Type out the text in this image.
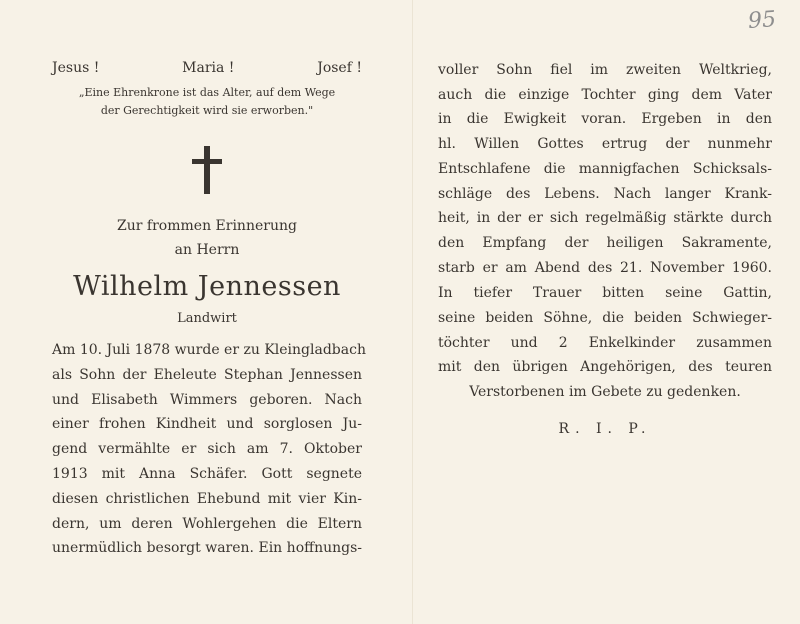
95
Jesus !	Maria !	Josef !
„Eine Ehrenkrone ist das Alter, auf dem Wege
der Gerechtigkeit wird sie erworben."
Zur frommen Erinnerung
an Herrn
Wilhelm Jennessen
Landwirt
Am 10. Juli 1878 wurde er zu Kleingladbach
als Sohn der Eheleute Stephan Jennessen
und Elisabeth Wimmers geboren. Nach
einer frohen Kindheit und sorglosen Ju-
gend vermählte er sich am 7. Oktober
1913 mit Anna Schäfer. Gott segnete
diesen christlichen Ehebund mit vier Kin-
dern, um deren Wohlergehen die Eltern
unermüdlich besorgt waren. Ein hoffnungs-
voller Sohn fiel im zweiten Weltkrieg,
auch die einzige Tochter ging dem Vater
in die Ewigkeit voran. Ergeben in den
hl. Willen Gottes ertrug der nunmehr
Entschlafene die mannigfachen Schicksals-
schläge des Lebens. Nach langer Krank-
heit, in der er sich regelmäßig stärkte durch
den Empfang der heiligen Sakramente,
starb er am Abend des 21. November 1960.
In tiefer Trauer bitten seine Gattin,
seine beiden Söhne, die beiden Schwieger-
töchter und 2 Enkelkinder zusammen
mit den übrigen Angehörigen, des teuren
Verstorbenen im Gebete zu gedenken.
R. I. P.
